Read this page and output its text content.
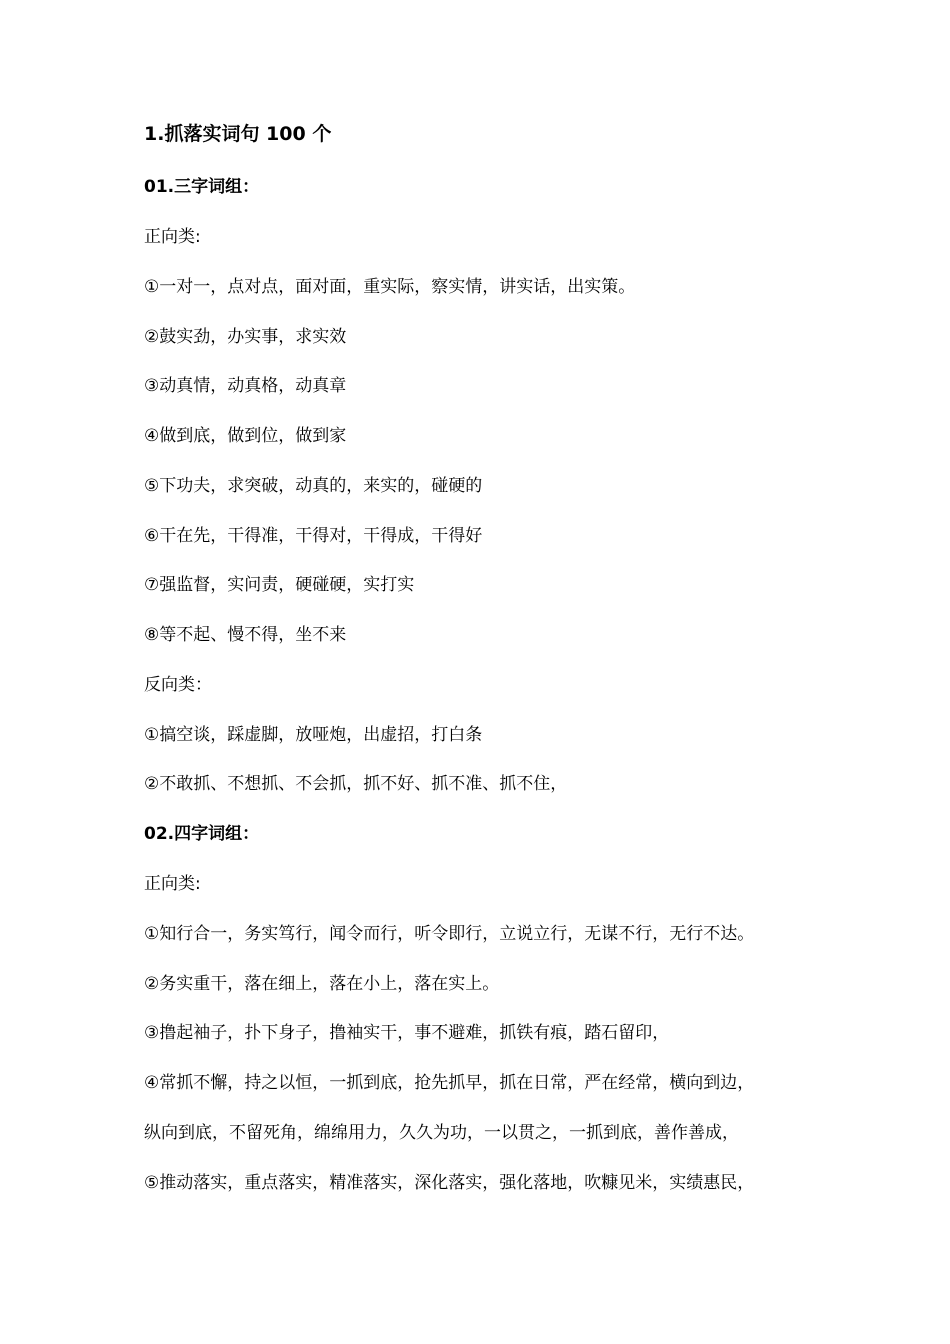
1.抓落实词句 100 个
01.三字词组：
正向类:
①一对一，点对点，面对面，重实际，察实情，讲实话，出实策。
②鼓实劲，办实事，求实效
③动真情，动真格，动真章
④做到底，做到位，做到家
⑤下功夫，求突破，动真的，来实的，碰硬的
⑥干在先，干得准，干得对，干得成，干得好
⑦强监督，实问责，硬碰硬，实打实
⑧等不起、慢不得，坐不来
反向类：
①搞空谈，踩虚脚，放哑炮，出虚招，打白条
②不敢抓、不想抓、不会抓，抓不好、抓不准、抓不住，
02.四字词组：
正向类:
①知行合一，务实笃行，闻令而行，听令即行，立说立行，无谋不行，无行不达。
②务实重干，落在细上，落在小上，落在实上。
③撸起袖子，扑下身子，撸袖实干，事不避难，抓铁有痕，踏石留印，
④常抓不懈，持之以恒，一抓到底，抢先抓早，抓在日常，严在经常，横向到边，
纵向到底，不留死角，绵绵用力，久久为功，一以贯之，一抓到底，善作善成，
⑤推动落实，重点落实，精准落实，深化落实，强化落地，吹糠见米，实绩惠民，
